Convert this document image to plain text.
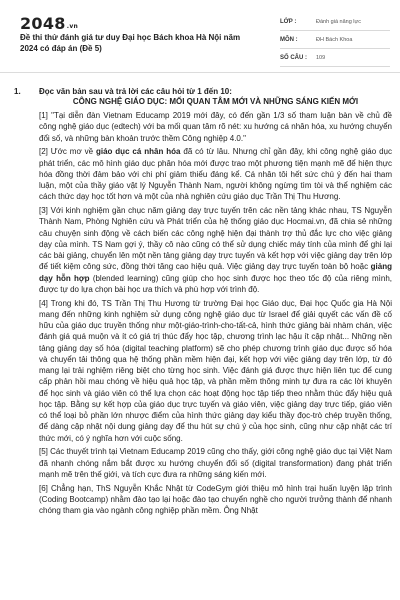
2048.vn
Đề thi thử đánh giá tư duy Đại học Bách khoa Hà Nội năm 2024 có đáp án (Đề 5)
LỚP :	Đánh giá năng lực
MÔN :	ĐH Bách Khoa
SỐ CÂU :	109
1.	Đọc văn bản sau và trả lời các câu hỏi từ 1 đến 10:
CÔNG NGHỆ GIÁO DỤC: MỐI QUAN TÂM MỚI VÀ NHỮNG SÁNG KIẾN MỚI
[1] "Tại diễn đàn Vietnam Educamp 2019 mới đây, có đến gần 1/3 số tham luận bàn về chủ đề công nghệ giáo dục (edtech) với ba mối quan tâm rõ nét: xu hướng cá nhân hóa, xu hướng chuyển đổi số, và những bàn khoản trước thềm Công nghiệp 4.0."
[2] Ước mơ về giáo dục cá nhân hóa đã có từ lâu. Nhưng chỉ gần đây, khi công nghệ giáo dục phát triển, các mô hình giáo dục phân hóa mới được trao một phương tiện mạnh mẽ để hiện thực hóa đồng thời đảm bảo với chi phí giảm thiểu đáng kể. Cá nhân tôi hết sức chú ý đến hai tham luận, một của thầy giáo vật lý Nguyễn Thành Nam, người không ngừng tìm tòi và thể nghiệm các cách thức dạy học tốt hơn và một của nhà nghiên cứu giáo dục Trần Thị Thu Hương.
[3] Với kinh nghiệm gần chục năm giảng dạy trực tuyến trên các nền tảng khác nhau, TS Nguyễn Thành Nam, Phòng Nghiên cứu và Phát triển của hệ thống giáo dục Hocmai.vn, đã chia sẻ những câu chuyện sinh động về cách biến các công nghệ hiện đại thành trợ thủ đắc lực cho việc giảng dạy của mình. TS Nam gợi ý, thầy cô nào cũng có thể sử dụng chiếc máy tính của mình để ghi lại các bài giảng, chuyển lên một nền tảng giảng dạy trực tuyến và kết hợp với việc giảng dạy trên lớp để tiết kiệm công sức, đồng thời tăng cao hiệu quả. Việc giảng dạy trực tuyến toàn bộ hoặc giảng dạy hỗn hợp (blended learning) cũng giúp cho học sinh được học theo tốc độ của riêng mình, được tự do lựa chọn bài học ưa thích và phù hợp với trình độ.
[4] Trong khi đó, TS Trần Thị Thu Hương từ trường Đại học Giáo dục, Đại học Quốc gia Hà Nội mang đến những kinh nghiệm sử dụng công nghệ giáo dục từ Israel để giải quyết các vấn đề cố hữu của giáo dục truyền thống như một-giáo-trình-cho-tất-cả, hình thức giảng bài nhàm chán, việc đánh giá quá muộn và ít có giá trị thúc đẩy học tập, chương trình lạc hậu ít cập nhật... Những nền tảng giảng dạy số hóa (digital teaching platform) sẽ cho phép chương trình giáo dục được số hóa và chuyển tải thông qua hệ thống phần mềm hiện đại, kết hợp với việc giảng dạy trên lớp, từ đó mang lại trải nghiệm riêng biệt cho từng học sinh. Việc đánh giá được thực hiện liên tục để cung cấp phản hồi mau chóng về hiệu quả học tập, và phần mềm thông minh tự đưa ra các lời khuyên để học sinh và giáo viên có thể lựa chọn các hoạt động học tập tiếp theo nhằm thúc đẩy hiệu quả học tập. Bằng sự kết hợp của giáo dục trực tuyến và giáo viên, việc giảng dạy trực tiếp, giáo viên có thể loại bỏ phần lớn nhược điểm của hình thức giảng dạy kiểu thầy đọc-trò chép truyền thống, để dàng cập nhật nội dung giảng dạy để thu hút sự chú ý của học sinh, cũng như cập nhật các trí thức mới, có ý nghĩa hơn với cuộc sống.
[5] Các thuyết trình tại Vietnam Educamp 2019 cũng cho thấy, giới công nghệ giáo dục tại Việt Nam đã nhanh chóng nắm bắt được xu hướng chuyển đổi số (digital transformation) đang phát triển mạnh mẽ trên thế giới, và tích cực đưa ra những sáng kiến mới.
[6] Chẳng hạn, ThS Nguyễn Khắc Nhật từ CodeGym giới thiệu mô hình trại huấn luyện lập trình (Coding Bootcamp) nhằm đào tạo lại hoặc đào tạo chuyển nghề cho người trưởng thành để nhanh chóng tham gia vào ngành công nghiệp phần mềm. Ông Nhật
